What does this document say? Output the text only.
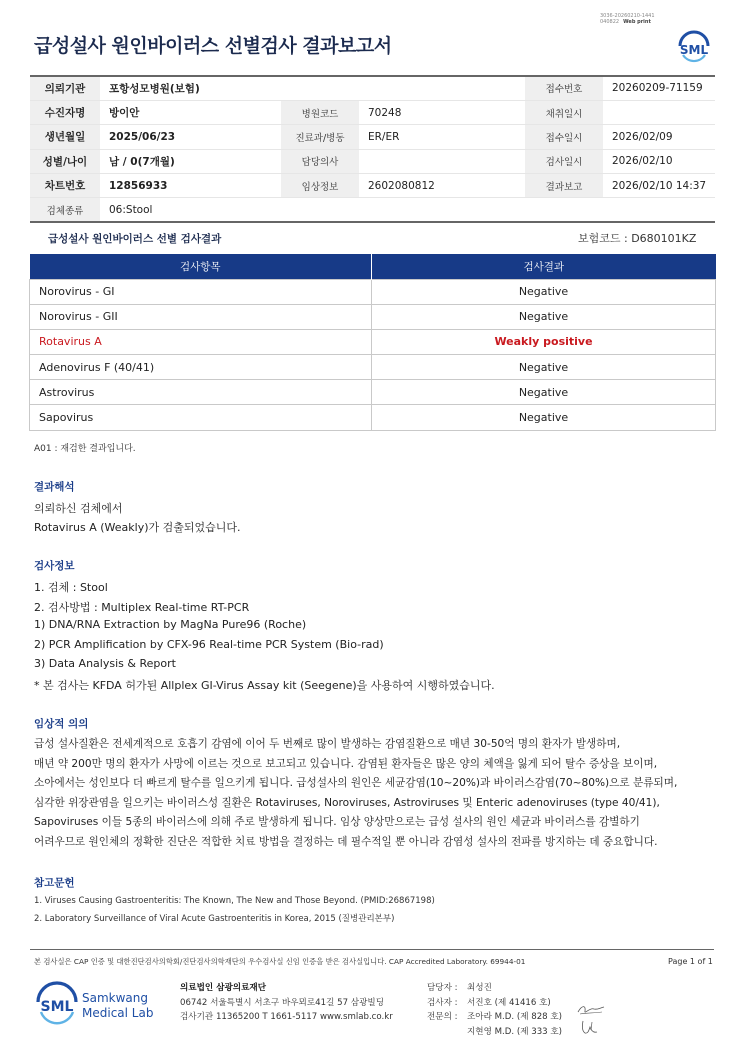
3036-20260210-1441
040822 Web print
급성설사 원인바이러스 선별검사 결과보고서	SML
의뢰기관	포항성모병원(보험)			접수번호	20260209-71159
수진자명	방이안	병원코드	70248	채취일시	
생년월일	2025/06/23	진료과/병동	ER/ER	접수일시	2026/02/09
성별/나이	남 / 0(7개월)	담당의사		검사일시	2026/02/10
차트번호	12856933	임상정보	2602080812	결과보고	2026/02/10 14:37
검체종류	06:Stool				
급성설사 원인바이러스 선별 검사결과	보험코드 : D680101KZ
검사항목	검사결과
Norovirus - GI	Negative
Norovirus - GII	Negative
Rotavirus A	Weakly positive
Adenovirus F (40/41)	Negative
Astrovirus	Negative
Sapovirus	Negative
A01 : 재검한 결과입니다.
결과해석
의뢰하신 검체에서
Rotavirus A (Weakly)가 검출되었습니다.
검사정보
1. 검체 : Stool
2. 검사방법 : Multiplex Real-time RT-PCR
1) DNA/RNA Extraction by MagNa Pure96 (Roche)
2) PCR Amplification by CFX-96 Real-time PCR System (Bio-rad)
3) Data Analysis & Report
* 본 검사는 KFDA 허가된 Allplex GI-Virus Assay kit (Seegene)을 사용하여 시행하였습니다.
임상적 의의
급성 설사질환은 전세계적으로 호흡기 감염에 이어 두 번째로 많이 발생하는 감염질환으로 매년 30-50억 명의 환자가 발생하며,
매년 약 200만 명의 환자가 사망에 이르는 것으로 보고되고 있습니다. 감염된 환자들은 많은 양의 체액을 잃게 되어 탈수 증상을 보이며,
소아에서는 성인보다 더 빠르게 탈수를 일으키게 됩니다. 급성설사의 원인은 세균감염(10~20%)과 바이러스감염(70~80%)으로 분류되며,
심각한 위장관염을 일으키는 바이러스성 질환은 Rotaviruses, Noroviruses, Astroviruses 및 Enteric adenoviruses (type 40/41),
Sapoviruses 이들 5종의 바이러스에 의해 주로 발생하게 됩니다. 임상 양상만으로는 급성 설사의 원인 세균과 바이러스를 감별하기
어려우므로 원인체의 정확한 진단은 적합한 치료 방법을 결정하는 데 필수적일 뿐 아니라 감염성 설사의 전파를 방지하는 데 중요합니다.
참고문헌
1. Viruses Causing Gastroenteritis: The Known, The New and Those Beyond. (PMID:26867198)
2. Laboratory Surveillance of Viral Acute Gastroenteritis in Korea, 2015 (질병관리본부)
본 검사실은 CAP 인증 및 대한진단검사의학회/진단검사의학재단의 우수검사실 신임 인증을 받은 검사실입니다. CAP Accredited Laboratory. 69944-01	Page 1 of 1
SML
Samkwang
Medical Lab
의료법인 삼광의료재단
06742 서울특별시 서초구 바우뫼로41길 57 삼광빌딩
검사기관 11365200 T 1661-5117 www.smlab.co.kr
담당자 : 최성진
검사자 : 서진호 (제 41416 호)
전문의 : 조아라 M.D. (제 828 호)
지현영 M.D. (제 333 호)
